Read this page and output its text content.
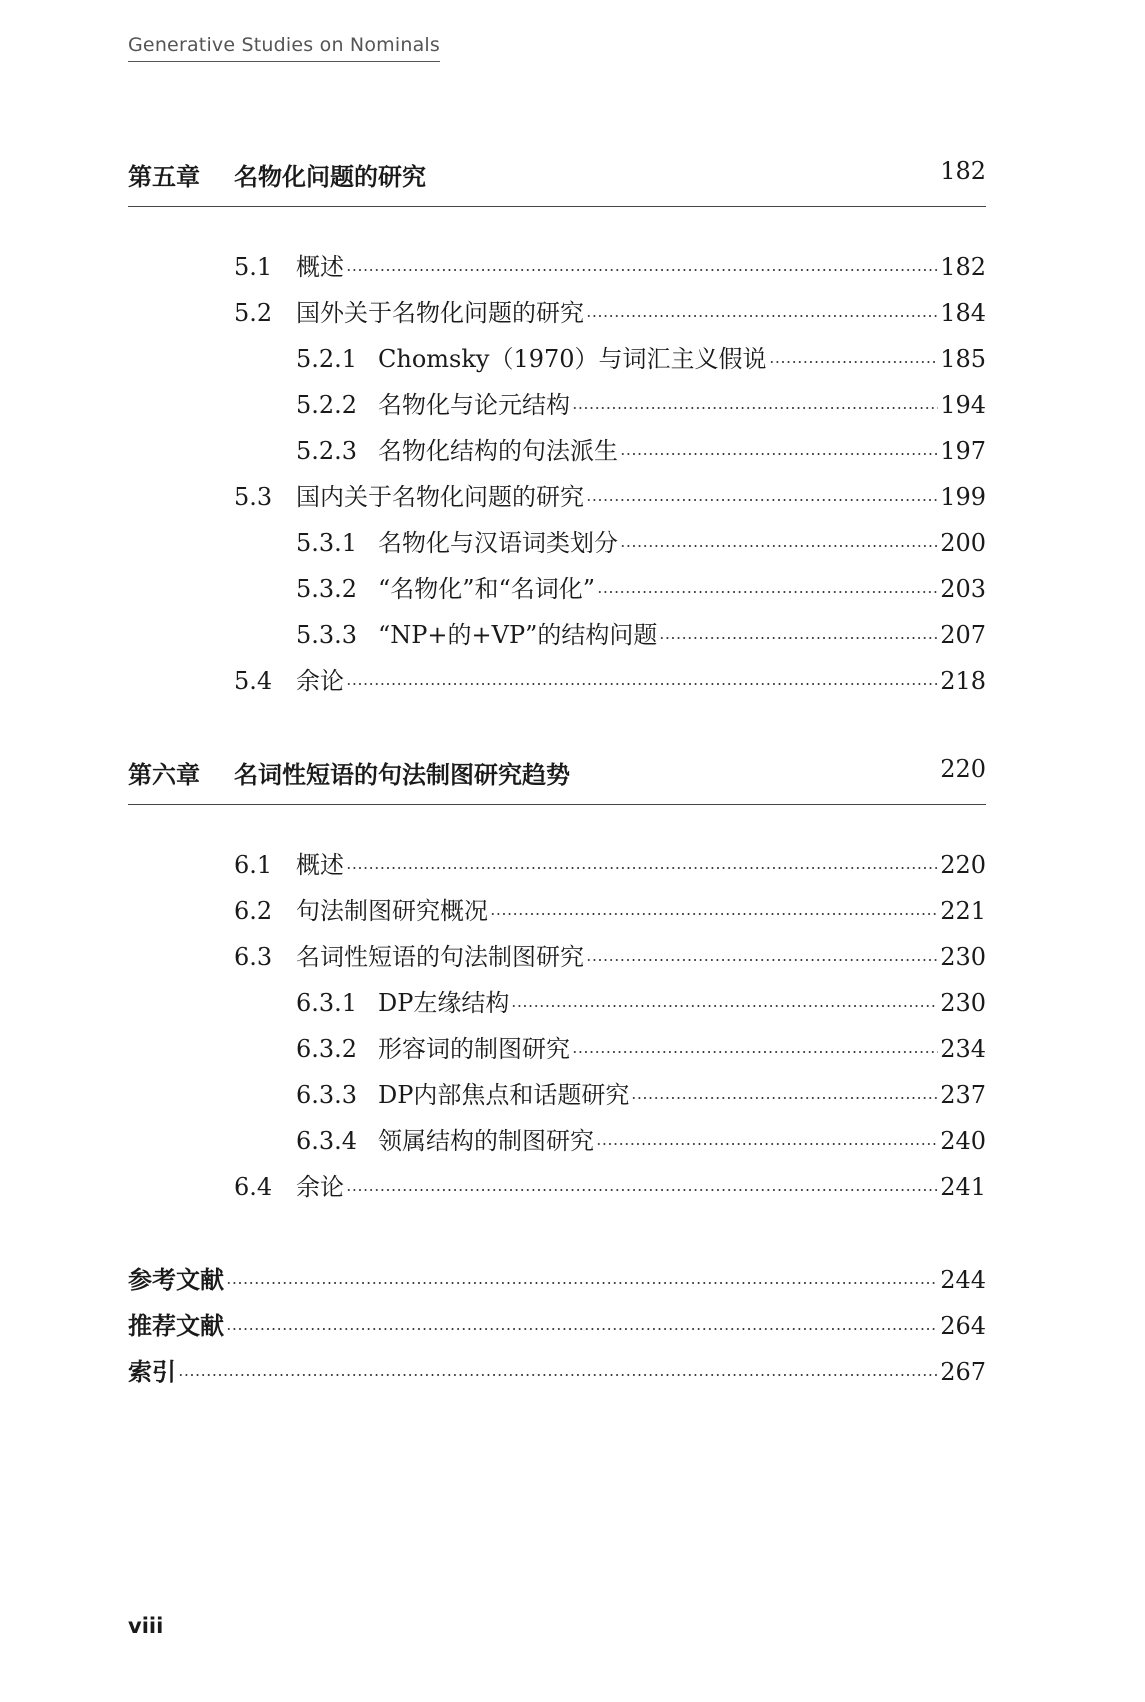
Generative Studies on Nominals
第五章 名物化问题的研究	182
5.1 概述	182
5.2 国外关于名物化问题的研究	184
5.2.1 Chomsky（1970）与词汇主义假说	185
5.2.2 名物化与论元结构	194
5.2.3 名物化结构的句法派生	197
5.3 国内关于名物化问题的研究	199
5.3.1 名物化与汉语词类划分	200
5.3.2 “名物化”和“名词化”	203
5.3.3 “NP+的+VP”的结构问题	207
5.4 余论	218
第六章 名词性短语的句法制图研究趋势	220
6.1 概述	220
6.2 句法制图研究概况	221
6.3 名词性短语的句法制图研究	230
6.3.1 DP左缘结构	230
6.3.2 形容词的制图研究	234
6.3.3 DP内部焦点和话题研究	237
6.3.4 领属结构的制图研究	240
6.4 余论	241
参考文献	244
推荐文献	264
索引	267
viii
